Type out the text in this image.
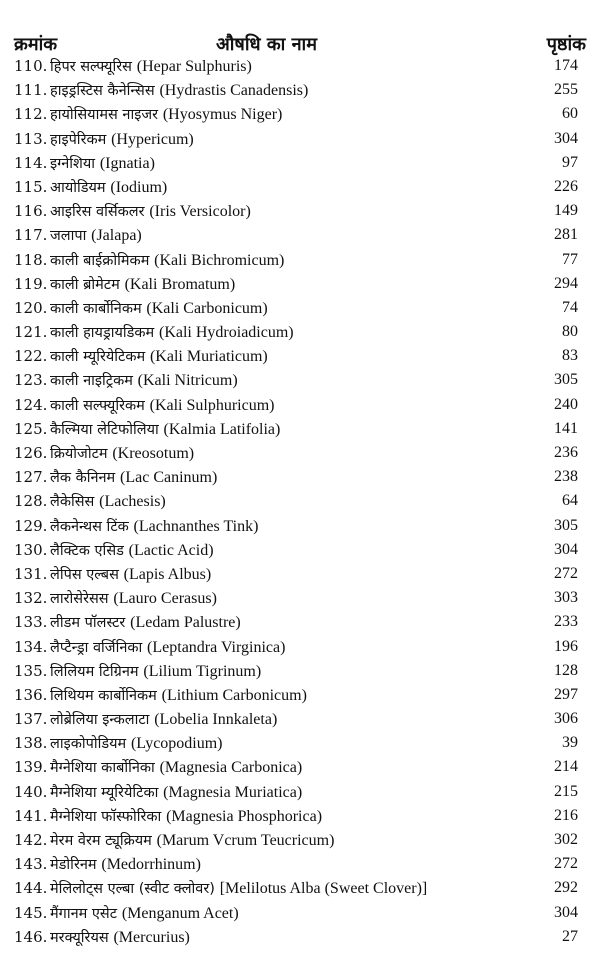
क्रमांक	औषधि का नाम	पृष्ठांक
110. हिपर सल्फ्यूरिस (Hepar Sulphuris)	174
111. हाइड्रस्टिस कैनेन्सिस (Hydrastis Canadensis)	255
112. हायोसियामस नाइजर (Hyosymus Niger)	60
113. हाइपेरिकम (Hypericum)	304
114. इग्नेशिया (Ignatia)	97
115. आयोडियम (Iodium)	226
116. आइरिस वर्सिकलर (Iris Versicolor)	149
117. जलापा (Jalapa)	281
118. काली बाईक्रोमिकम (Kali Bichromicum)	77
119. काली ब्रोमेटम (Kali Bromatum)	294
120. काली कार्बोनिकम (Kali Carbonicum)	74
121. काली हायड्रायडिकम (Kali Hydroiadicum)	80
122. काली म्यूरियेटिकम (Kali Muriaticum)	83
123. काली नाइट्रिकम (Kali Nitricum)	305
124. काली सल्फ्यूरिकम (Kali Sulphuricum)	240
125. कैल्मिया लेटिफोलिया (Kalmia Latifolia)	141
126. क्रियोजोटम (Kreosotum)	236
127. लैक कैनिनम (Lac Caninum)	238
128. लैकेसिस (Lachesis)	64
129. लैकनेन्थस टिंक (Lachnanthes Tink)	305
130. लैक्टिक एसिड (Lactic Acid)	304
131. लेपिस एल्बस (Lapis Albus)	272
132. लारोसेरेसस (Lauro Cerasus)	303
133. लीडम पॉलस्टर (Ledam Palustre)	233
134. लैप्टैन्ड्रा वर्जिनिका (Leptandra Virginica)	196
135. लिलियम टिग्रिनम (Lilium Tigrinum)	128
136. लिथियम कार्बोनिकम (Lithium Carbonicum)	297
137. लोब्रेलिया इन्कलाटा (Lobelia Innkaleta)	306
138. लाइकोपोडियम (Lycopodium)	39
139. मैग्नेशिया कार्बोनिका (Magnesia Carbonica)	214
140. मैग्नेशिया म्यूरियेटिका (Magnesia Muriatica)	215
141. मैग्नेशिया फॉस्फोरिका (Magnesia Phosphorica)	216
142. मेरम वेरम ट्यूक्रियम (Marum Vcrum Teucricum)	302
143. मेडोरिनम (Medorrhinum)	272
144. मेलिलोट्स एल्बा (स्वीट क्लोवर) [Melilotus Alba (Sweet Clover)]	292
145. मैंगानम एसेट (Menganum Acet)	304
146. मरक्यूरियस (Mercurius)	27
